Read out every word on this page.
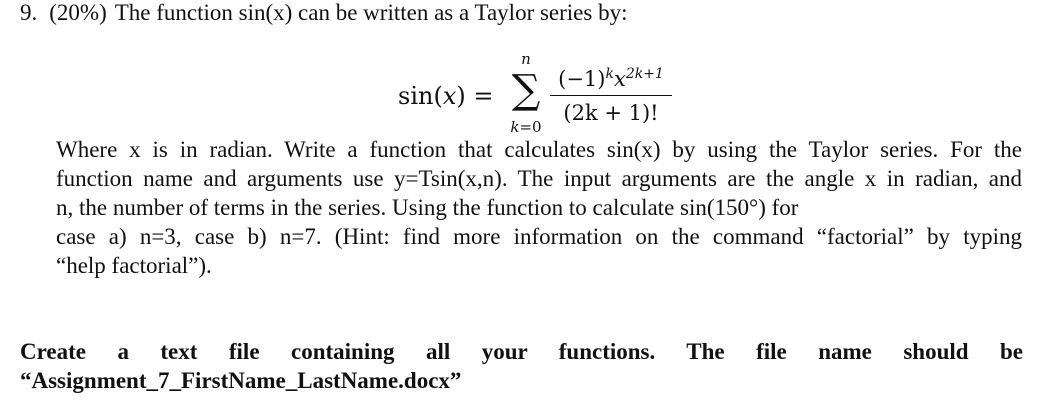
9. (20%) The function sin(x) can be written as a Taylor series by:
sin(x) =
n
∑
k=0
$(-1)^kx^{2k+1}$
(2k + 1)!
Where x is in radian. Write a function that calculates sin(x) by using the Taylor series. For the
function name and arguments use y=Tsin(x,n). The input arguments are the angle x in radian, and
n, the number of terms in the series. Using the function to calculate sin(150°) for
case a) n=3, case b) n=7. (Hint: find more information on the command “factorial” by typing
“help factorial”).
Create a text file containing all your functions. The file name should be
“Assignment_7_FirstName_LastName.docx”
